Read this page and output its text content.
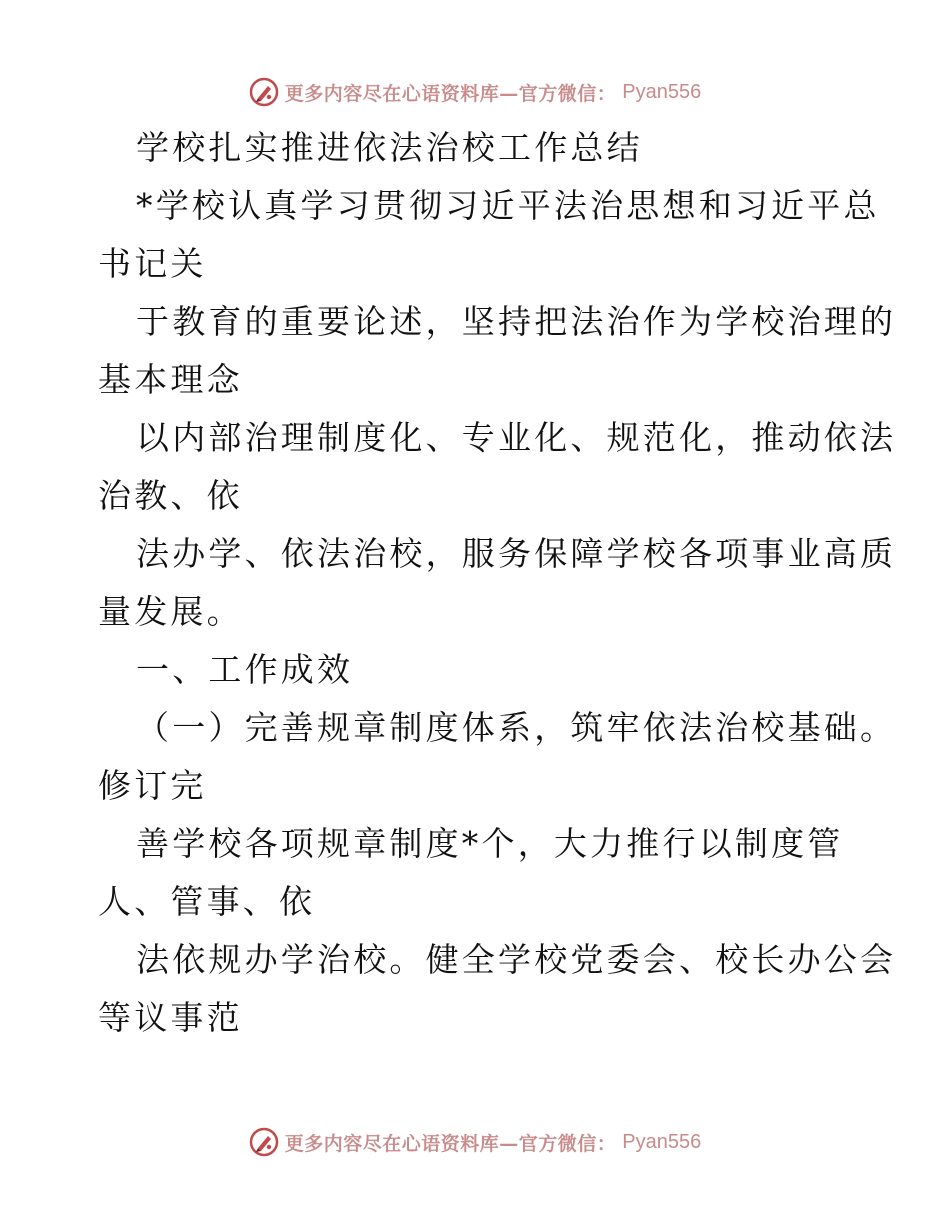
更多内容尽在心语资料库—官方微信： Pyan556
学校扎实推进依法治校工作总结
*学校认真学习贯彻习近平法治思想和习近平总
书记关
于教育的重要论述，坚持把法治作为学校治理的
基本理念
以内部治理制度化、专业化、规范化，推动依法
治教、依
法办学、依法治校，服务保障学校各项事业高质
量发展。
一、工作成效
（一）完善规章制度体系，筑牢依法治校基础。
修订完
善学校各项规章制度*个，大力推行以制度管
人、管事、依
法依规办学治校。健全学校党委会、校长办公会
等议事范
更多内容尽在心语资料库—官方微信： Pyan556
